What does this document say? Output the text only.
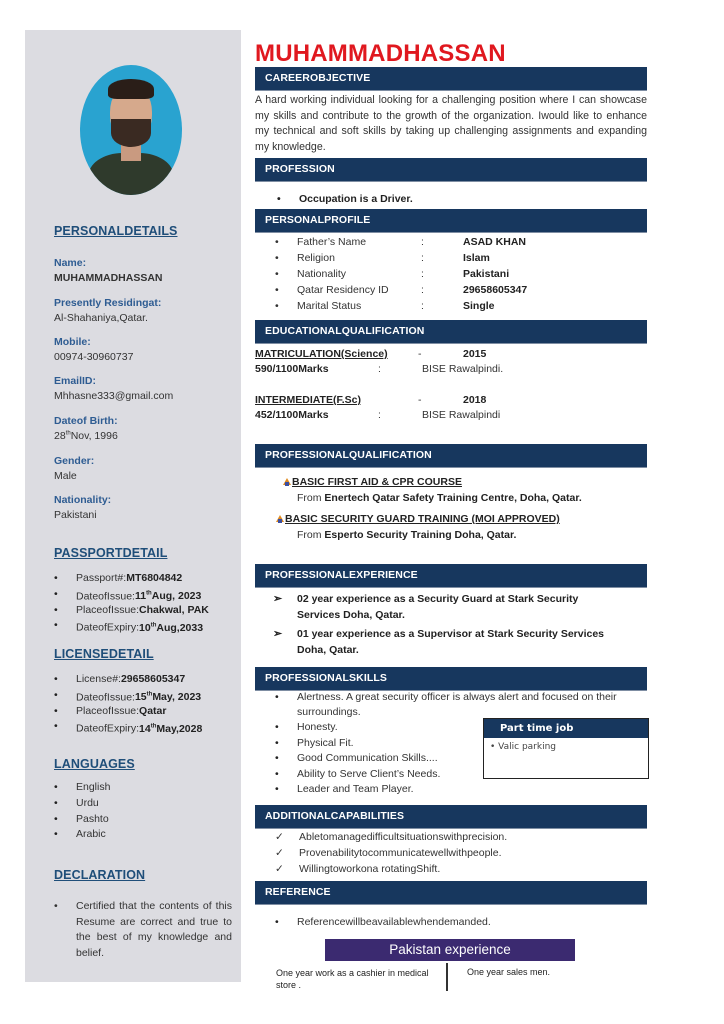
PERSONALDETAILS
Name:
MUHAMMADHASSAN
Presently Residingat:
Al-Shahaniya,Qatar.
Mobile:
00974-30960737
EmailID:
Mhhasne333@gmail.com
Dateof Birth:
28thNov, 1996
Gender:
Male
Nationality:
Pakistani
PASSPORTDETAIL
• Passport#:MT6804842
• DateofIssue:11thAug, 2023
• PlaceofIssue:Chakwal, PAK
• DateofExpiry:10thAug,2033
LICENSEDETAIL
• License#:29658605347
• DateofIssue:15thMay, 2023
• PlaceofIssue:Qatar
• DateofExpiry:14thMay,2028
LANGUAGES
• English
• Urdu
• Pashto
• Arabic
DECLARATION
• Certified that the contents of this Resume are correct and true to the best of my knowledge and belief.
MUHAMMADHASSAN
CAREEROBJECTIVE
A hard working individual looking for a challenging position where I can showcase my skills and contribute to the growth of the organization. Iwould like to enhance my technical and soft skills by taking up challenging assignments and expanding my knowledge.
PROFESSION
• Occupation is a Driver.
PERSONALPROFILE
• Father’s Name	:	ASAD KHAN
• Religion	:	Islam
• Nationality	:	Pakistani
• Qatar Residency ID	:	29658605347
• Marital Status	:	Single
EDUCATIONALQUALIFICATION
MATRICULATION(Science)	-	2015
590/1100Marks	:	BISE Rawalpindi.
INTERMEDIATE(F.Sc)	-	2018
452/1100Marks	:	BISE Rawalpindi
PROFESSIONALQUALIFICATION
BASIC FIRST AID & CPR COURSE
From Enertech Qatar Safety Training Centre, Doha, Qatar.
BASIC SECURITY GUARD TRAINING (MOI APPROVED)
From Esperto Security Training Doha, Qatar.
PROFESSIONALEXPERIENCE
➢ 02 year experience as a Security Guard at Stark Security Services Doha, Qatar.
➢ 01 year experience as a Supervisor at Stark Security Services Doha, Qatar.
PROFESSIONALSKILLS
• Alertness. A great security officer is always alert and focused on their surroundings.
• Honesty.
• Physical Fit.
• Good Communication Skills....
• Ability to Serve Client’s Needs.
• Leader and Team Player.
Part time job
• Valic parking
ADDITIONALCAPABILITIES
✓ Abletomanagedifficultsituationswithprecision.
✓ Provenabilitytocommunicatewellwithpeople.
✓ Willingtoworkona rotatingShift.
REFERENCE
• Referencewillbeavailablewhendemanded.
Pakistan experience
One year work as a cashier in medical store .
One year sales men.
